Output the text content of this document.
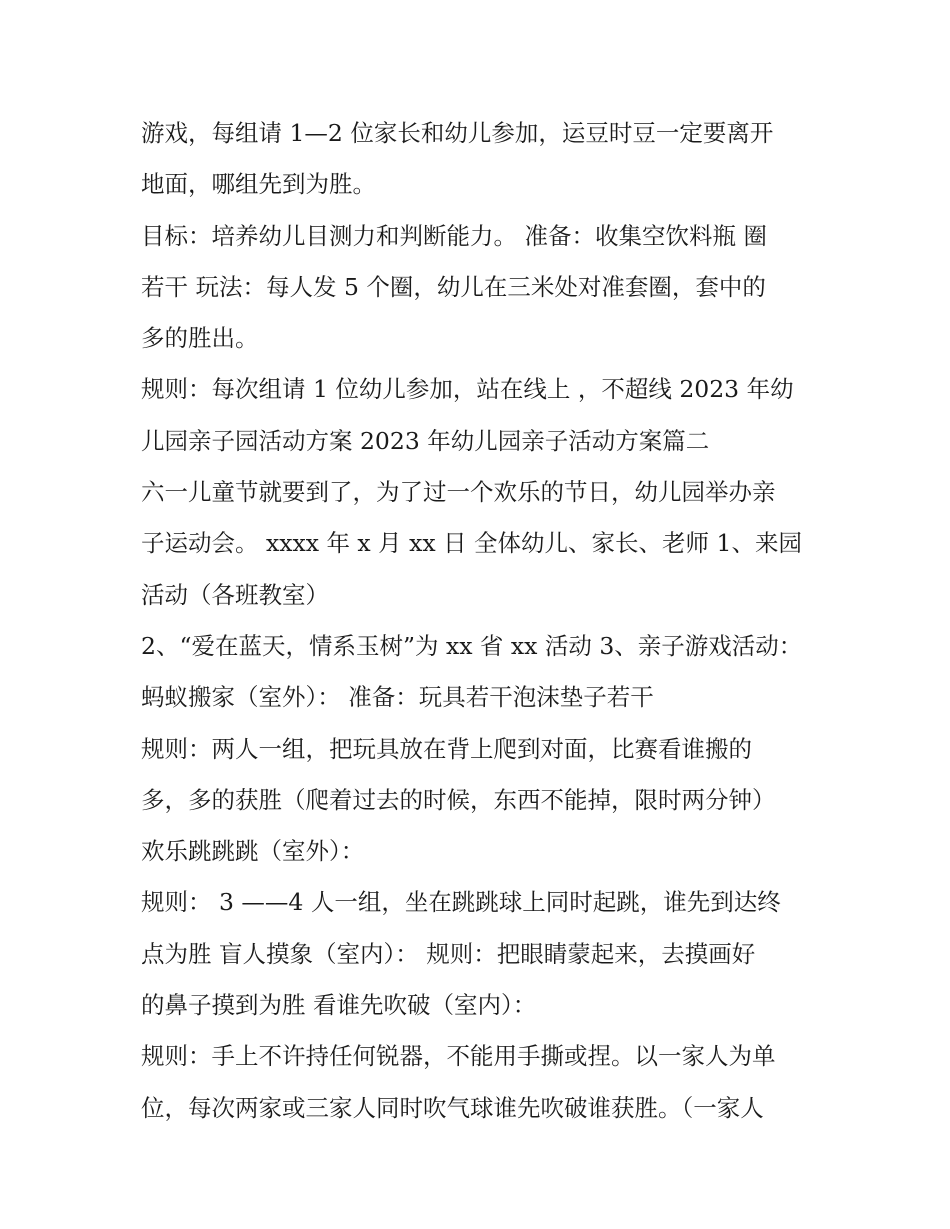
游戏，每组请 1—2 位家长和幼儿参加，运豆时豆一定要离开
地面，哪组先到为胜。
目标：培养幼儿目测力和判断能力。 准备：收集空饮料瓶 圈
若干 玩法：每人发 5 个圈，幼儿在三米处对准套圈，套中的
多的胜出。
规则：每次组请 1 位幼儿参加，站在线上 ，不超线 2023 年幼
儿园亲子园活动方案 2023 年幼儿园亲子活动方案篇二
六一儿童节就要到了，为了过一个欢乐的节日，幼儿园举办亲
子运动会。 xxxx 年 x 月 xx 日 全体幼儿、家长、老师 1、来园
活动（各班教室）
2、“爱在蓝天，情系玉树”为 xx 省 xx 活动 3、亲子游戏活动：
蚂蚁搬家（室外）： 准备：玩具若干泡沫垫子若干
规则：两人一组，把玩具放在背上爬到对面，比赛看谁搬的
多，多的获胜（爬着过去的时候，东西不能掉，限时两分钟）
欢乐跳跳跳（室外）：
规则： 3 ——4 人一组，坐在跳跳球上同时起跳，谁先到达终
点为胜 盲人摸象（室内）： 规则：把眼睛蒙起来，去摸画好
的鼻子摸到为胜 看谁先吹破（室内）：
规则：手上不许持任何锐器，不能用手撕或捏。以一家人为单
位，每次两家或三家人同时吹气球谁先吹破谁获胜。（一家人
